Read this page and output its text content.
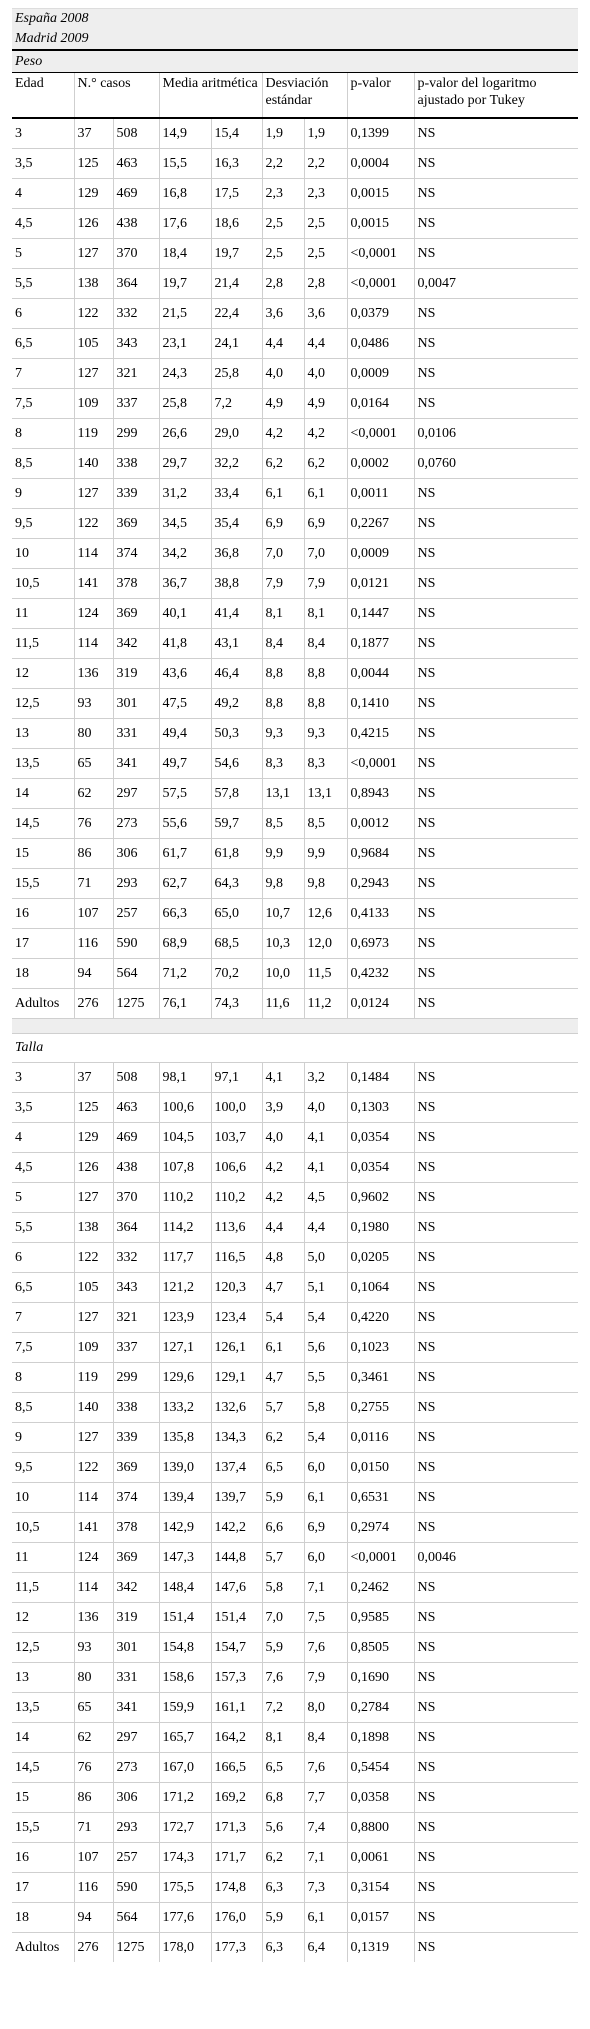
España 2008								
Madrid 2009								
Peso								
Edad	N.° casos		Media aritmética		Desviación estándar		p-valor	p-valor del logaritmo ajustado por Tukey
3	37	508	14,9	15,4	1,9	1,9	0,1399	NS
3,5	125	463	15,5	16,3	2,2	2,2	0,0004	NS
4	129	469	16,8	17,5	2,3	2,3	0,0015	NS
4,5	126	438	17,6	18,6	2,5	2,5	0,0015	NS
5	127	370	18,4	19,7	2,5	2,5	<0,0001	NS
5,5	138	364	19,7	21,4	2,8	2,8	<0,0001	0,0047
6	122	332	21,5	22,4	3,6	3,6	0,0379	NS
6,5	105	343	23,1	24,1	4,4	4,4	0,0486	NS
7	127	321	24,3	25,8	4,0	4,0	0,0009	NS
7,5	109	337	25,8	7,2	4,9	4,9	0,0164	NS
8	119	299	26,6	29,0	4,2	4,2	<0,0001	0,0106
8,5	140	338	29,7	32,2	6,2	6,2	0,0002	0,0760
9	127	339	31,2	33,4	6,1	6,1	0,0011	NS
9,5	122	369	34,5	35,4	6,9	6,9	0,2267	NS
10	114	374	34,2	36,8	7,0	7,0	0,0009	NS
10,5	141	378	36,7	38,8	7,9	7,9	0,0121	NS
11	124	369	40,1	41,4	8,1	8,1	0,1447	NS
11,5	114	342	41,8	43,1	8,4	8,4	0,1877	NS
12	136	319	43,6	46,4	8,8	8,8	0,0044	NS
12,5	93	301	47,5	49,2	8,8	8,8	0,1410	NS
13	80	331	49,4	50,3	9,3	9,3	0,4215	NS
13,5	65	341	49,7	54,6	8,3	8,3	<0,0001	NS
14	62	297	57,5	57,8	13,1	13,1	0,8943	NS
14,5	76	273	55,6	59,7	8,5	8,5	0,0012	NS
15	86	306	61,7	61,8	9,9	9,9	0,9684	NS
15,5	71	293	62,7	64,3	9,8	9,8	0,2943	NS
16	107	257	66,3	65,0	10,7	12,6	0,4133	NS
17	116	590	68,9	68,5	10,3	12,0	0,6973	NS
18	94	564	71,2	70,2	10,0	11,5	0,4232	NS
Adultos	276	1275	76,1	74,3	11,6	11,2	0,0124	NS

Talla								
3	37	508	98,1	97,1	4,1	3,2	0,1484	NS
3,5	125	463	100,6	100,0	3,9	4,0	0,1303	NS
4	129	469	104,5	103,7	4,0	4,1	0,0354	NS
4,5	126	438	107,8	106,6	4,2	4,1	0,0354	NS
5	127	370	110,2	110,2	4,2	4,5	0,9602	NS
5,5	138	364	114,2	113,6	4,4	4,4	0,1980	NS
6	122	332	117,7	116,5	4,8	5,0	0,0205	NS
6,5	105	343	121,2	120,3	4,7	5,1	0,1064	NS
7	127	321	123,9	123,4	5,4	5,4	0,4220	NS
7,5	109	337	127,1	126,1	6,1	5,6	0,1023	NS
8	119	299	129,6	129,1	4,7	5,5	0,3461	NS
8,5	140	338	133,2	132,6	5,7	5,8	0,2755	NS
9	127	339	135,8	134,3	6,2	5,4	0,0116	NS
9,5	122	369	139,0	137,4	6,5	6,0	0,0150	NS
10	114	374	139,4	139,7	5,9	6,1	0,6531	NS
10,5	141	378	142,9	142,2	6,6	6,9	0,2974	NS
11	124	369	147,3	144,8	5,7	6,0	<0,0001	0,0046
11,5	114	342	148,4	147,6	5,8	7,1	0,2462	NS
12	136	319	151,4	151,4	7,0	7,5	0,9585	NS
12,5	93	301	154,8	154,7	5,9	7,6	0,8505	NS
13	80	331	158,6	157,3	7,6	7,9	0,1690	NS
13,5	65	341	159,9	161,1	7,2	8,0	0,2784	NS
14	62	297	165,7	164,2	8,1	8,4	0,1898	NS
14,5	76	273	167,0	166,5	6,5	7,6	0,5454	NS
15	86	306	171,2	169,2	6,8	7,7	0,0358	NS
15,5	71	293	172,7	171,3	5,6	7,4	0,8800	NS
16	107	257	174,3	171,7	6,2	7,1	0,0061	NS
17	116	590	175,5	174,8	6,3	7,3	0,3154	NS
18	94	564	177,6	176,0	5,9	6,1	0,0157	NS
Adultos	276	1275	178,0	177,3	6,3	6,4	0,1319	NS
